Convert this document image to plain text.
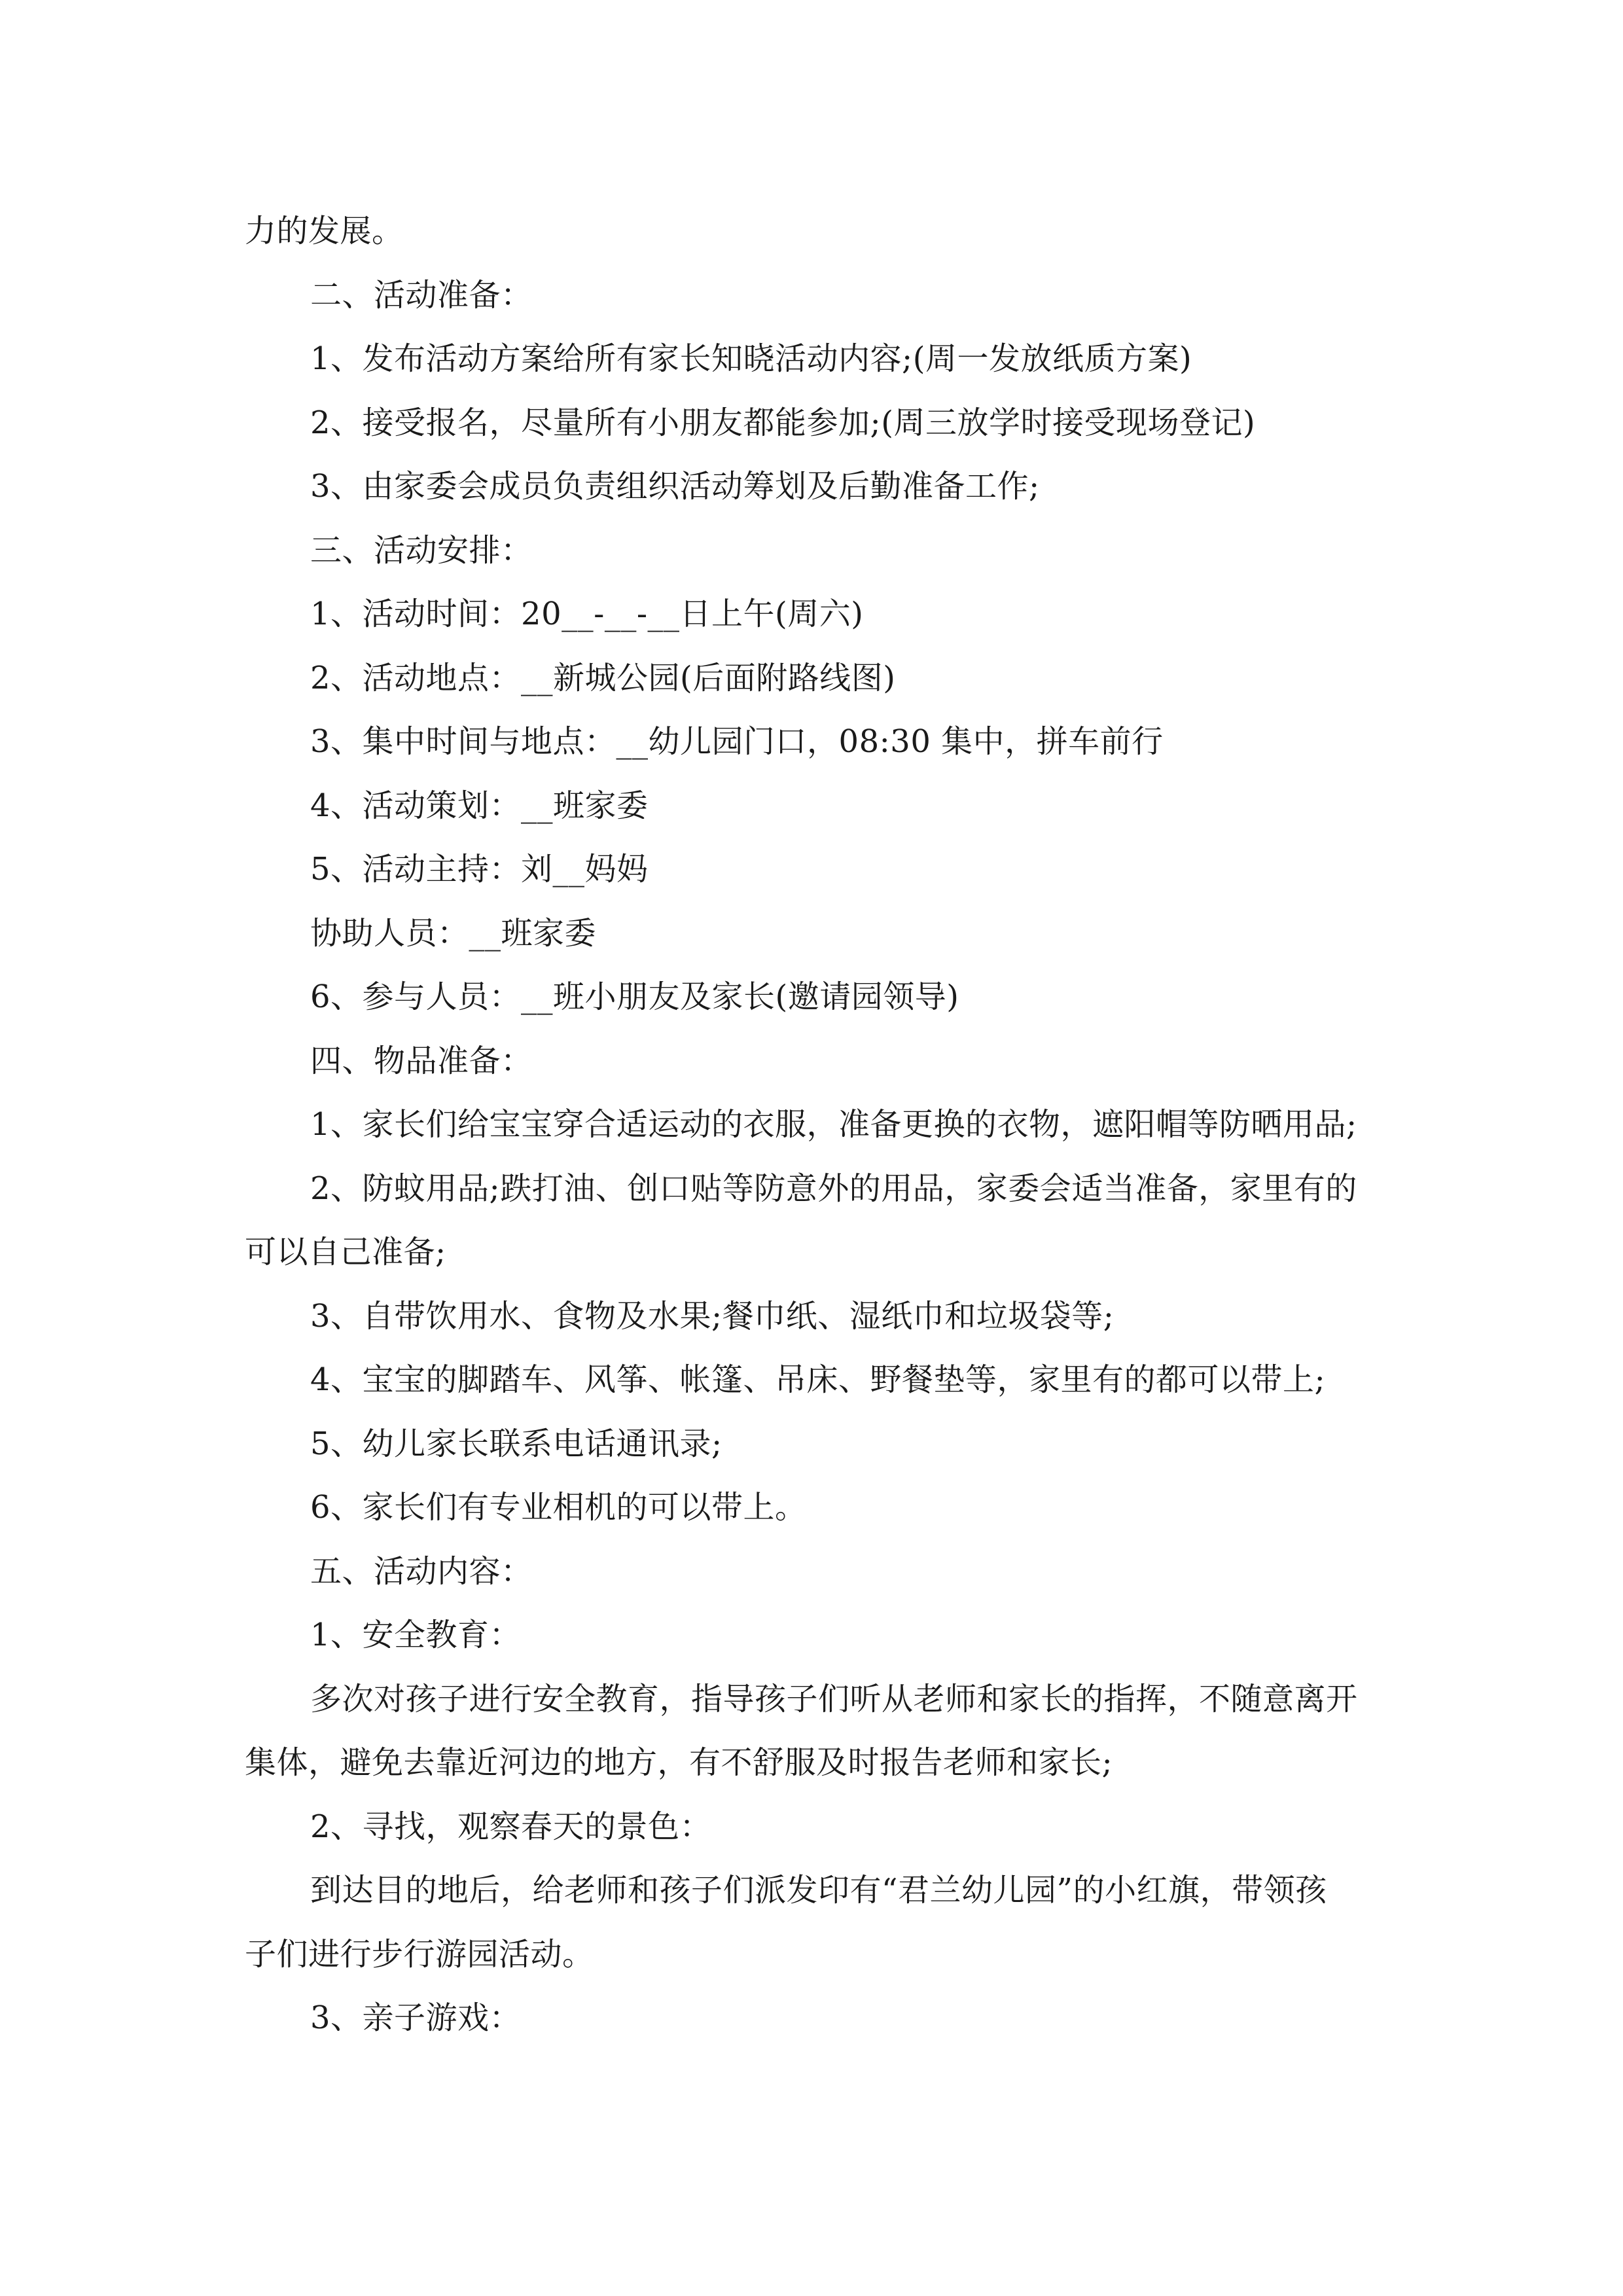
力的发展。
二、活动准备：
1、发布活动方案给所有家长知晓活动内容;(周一发放纸质方案)
2、接受报名，尽量所有小朋友都能参加;(周三放学时接受现场登记)
3、由家委会成员负责组织活动筹划及后勤准备工作;
三、活动安排：
1、活动时间：20__-__-__日上午(周六)
2、活动地点：__新城公园(后面附路线图)
3、集中时间与地点：__幼儿园门口，08:30 集中，拼车前行
4、活动策划：__班家委
5、活动主持：刘__妈妈
协助人员：__班家委
6、参与人员：__班小朋友及家长(邀请园领导)
四、物品准备：
1、家长们给宝宝穿合适运动的衣服，准备更换的衣物，遮阳帽等防晒用品;
2、防蚊用品;跌打油、创口贴等防意外的用品，家委会适当准备，家里有的
可以自己准备;
3、自带饮用水、食物及水果;餐巾纸、湿纸巾和垃圾袋等;
4、宝宝的脚踏车、风筝、帐篷、吊床、野餐垫等，家里有的都可以带上;
5、幼儿家长联系电话通讯录;
6、家长们有专业相机的可以带上。
五、活动内容：
1、安全教育：
多次对孩子进行安全教育，指导孩子们听从老师和家长的指挥，不随意离开
集体，避免去靠近河边的地方，有不舒服及时报告老师和家长;
2、寻找，观察春天的景色：
到达目的地后，给老师和孩子们派发印有“君兰幼儿园”的小红旗，带领孩
子们进行步行游园活动。
3、亲子游戏：
